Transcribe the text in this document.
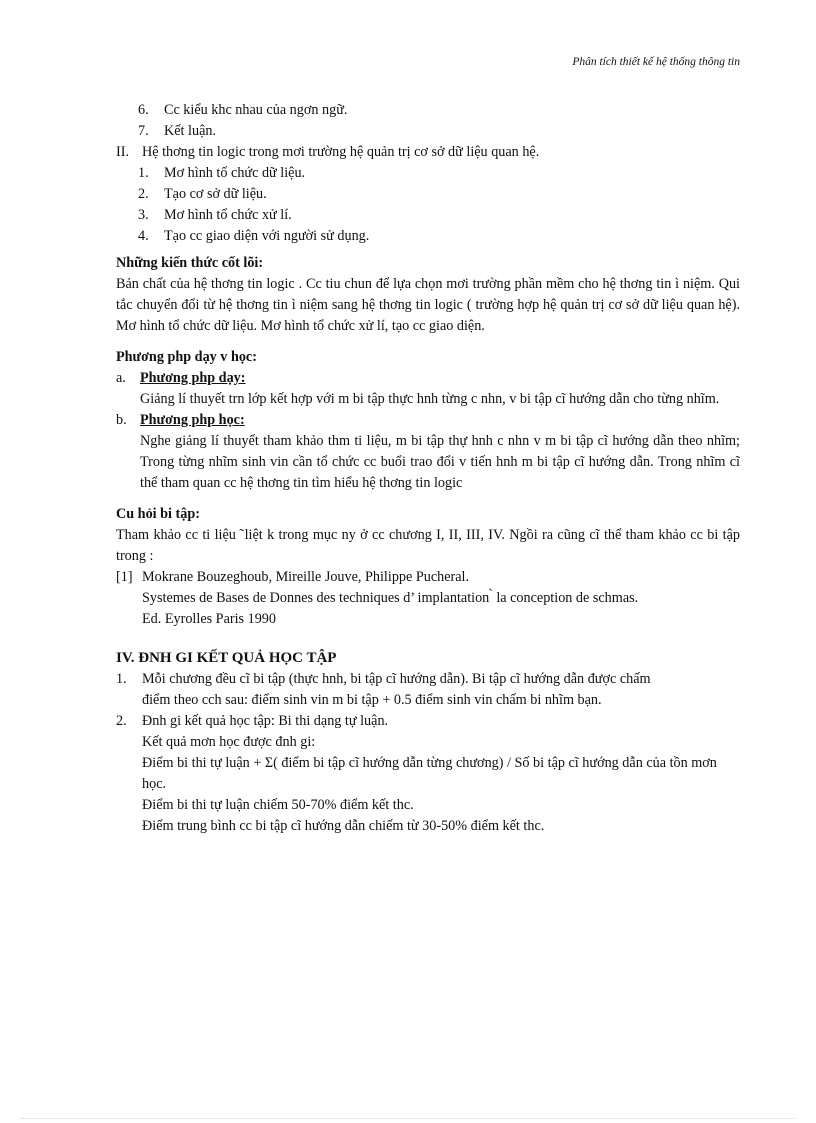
Phân tích thiết kế hệ thống thông tin
6. Cc kiểu khc nhau của ngơn ngữ.
7. Kết luận.
II. Hệ thơng tin logic trong mơi trường hệ quản trị cơ sở dữ liệu quan hệ.
1. Mơ hình tổ chức dữ liệu.
2. Tạo cơ sở dữ liệu.
3. Mơ hình tổ chức xử lí.
4. Tạo cc giao diện với người sử dụng.
Những kiến thức cốt lõi:
Bản chất của hệ thơng tin logic . Cc tiu chun để lựa chọn mơi trường phần mềm cho hệ thơng tin ì niệm. Qui tắc chuyển đổi từ hệ thơng tin ì niệm sang hệ thơng tin logic ( trường hợp hệ quản trị cơ sở dữ liệu quan hệ). Mơ hình tổ chức dữ liệu. Mơ hình tổ chức xử lí, tạo cc giao diện.
Phương php dạy v học:
a. Phương php dạy:
Giảng lí thuyết trn lớp kết hợp với m bi tập thực hnh từng c nhn, v bi tập cĩ hướng dẫn cho từng nhĩm.
b. Phương php học:
Nghe giảng lí thuyết tham khảo thm ti liệu, m bi tập thự hnh c nhn v m bi tập cĩ hướng dẫn theo nhĩm; Trong từng nhĩm sinh vin cần tổ chức cc buổi trao đổi v tiến hnh m bi tập cĩ hướng dẫn. Trong nhĩm cĩ thể tham quan cc hệ thơng tin tìm hiểu hệ thơng tin logic
Cu hỏi bi tập:
Tham khảo cc ti liệu ̃ liệt k trong mục ny ở cc chương I, II, III, IV. Ngồi ra cũng cĩ thể tham khảo cc bi tập trong :
[1] Mokrane Bouzeghoub, Mireille Jouve, Philippe Pucheral.
Systemes de Bases de Donnes des techniques d’ implantation ̀ la conception de schmas.
Ed. Eyrolles Paris 1990
IV. ĐNH GI KẾT QUẢ HỌC TẬP
1. Mỗi chương đều cĩ bi tập (thực hnh, bi tập cĩ hướng dẫn). Bi tập cĩ hướng dẫn được chấm
điểm theo cch sau: điểm sinh vin m bi tập + 0.5 điểm sinh vin chấm bi nhĩm bạn.
2. Đnh gi kết quả học tập: Bi thi dạng tự luận.
Kết quả mơn học được đnh gi:
Điểm bi thi tự luận + Σ( điểm bi tập cĩ hướng dẫn từng chương) / Số bi tập cĩ hướng dẫn của tồn mơn học.
Điểm bi thi tự luận chiếm 50-70% điểm kết thc.
Điểm trung bình cc bi tập cĩ hướng dẫn chiếm từ 30-50% điểm kết thc.
